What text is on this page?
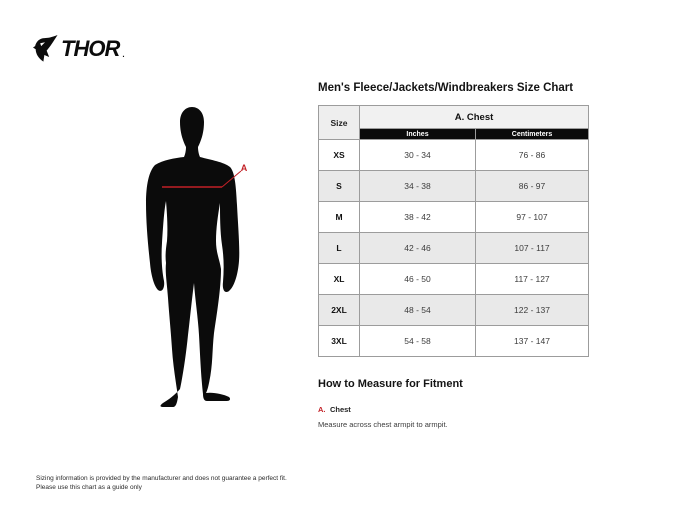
THOR .
A
Men's Fleece/Jackets/Windbreakers Size Chart
Size	A. Chest	
	Inches	Centimeters
XS	30 - 34	76 - 86
S	34 - 38	86 - 97
M	38 - 42	97 - 107
L	42 - 46	107 - 117
XL	46 - 50	117 - 127
2XL	48 - 54	122 - 137
3XL	54 - 58	137 - 147
How to Measure for Fitment
A. Chest
Measure across chest armpit to armpit.
Sizing information is provided by the manufacturer and does not guarantee a perfect fit.
Please use this chart as a guide only
